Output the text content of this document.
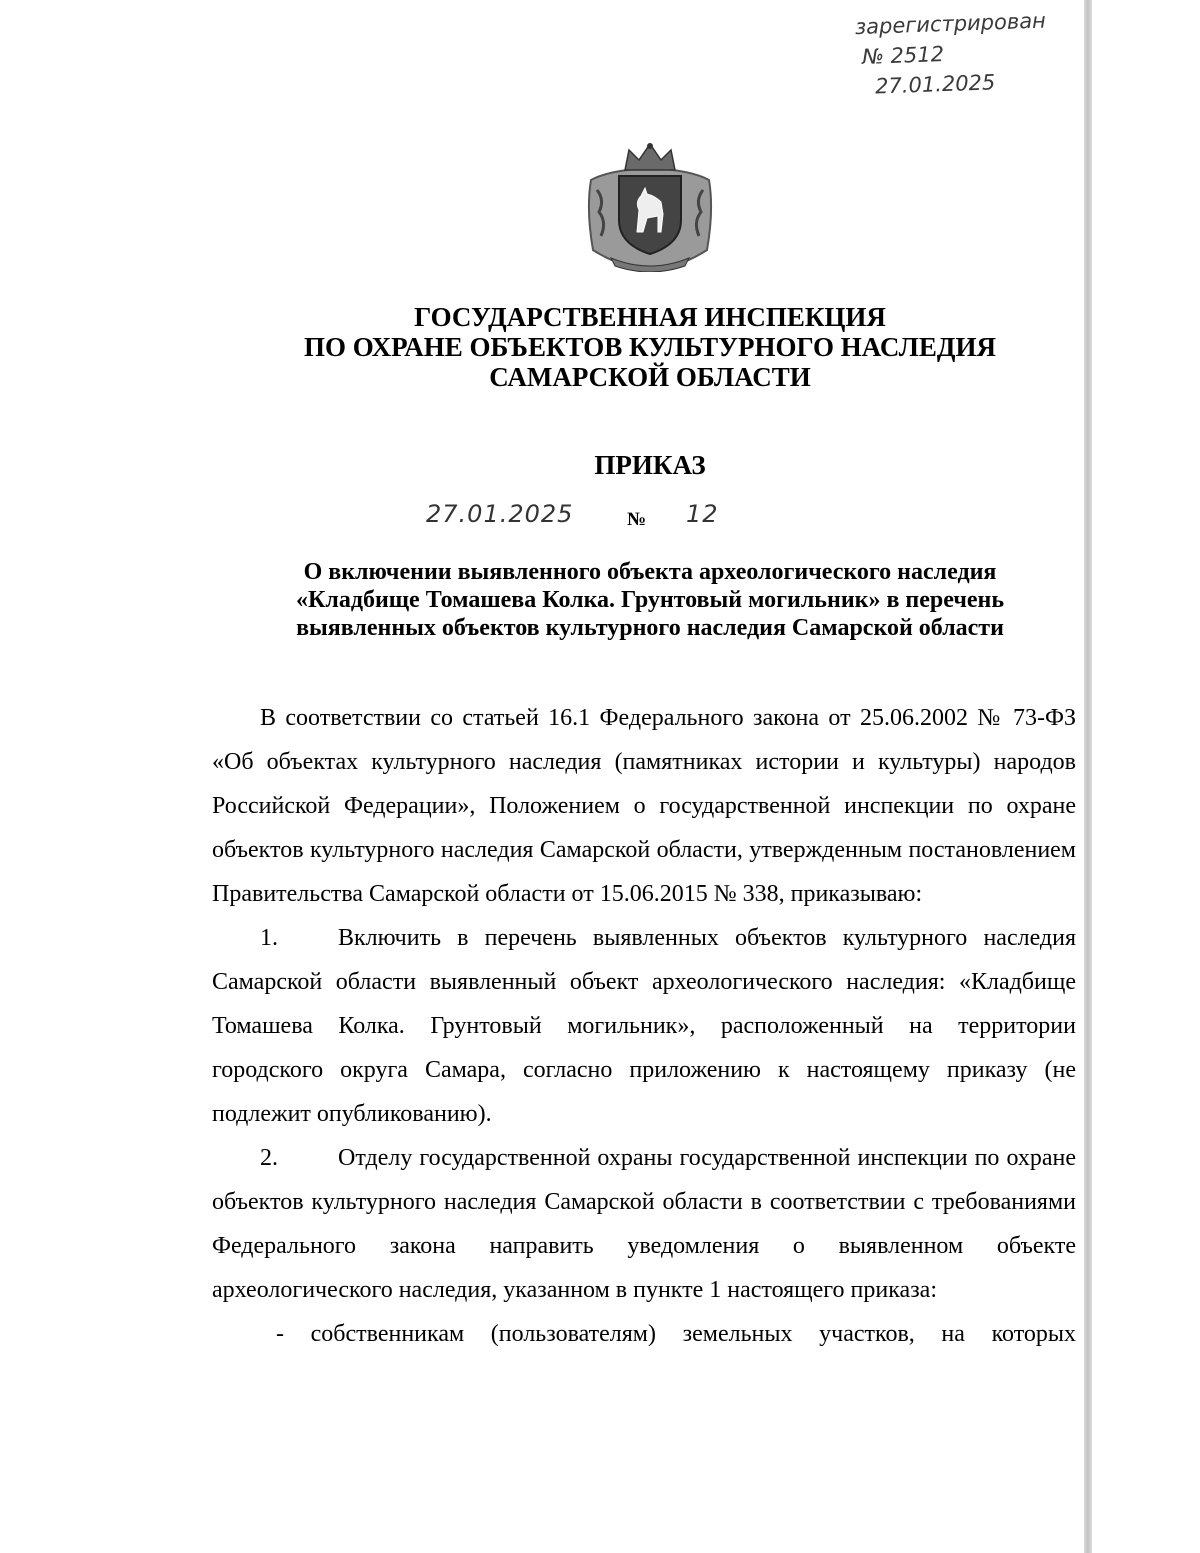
зарегистрирован
№ 2512
27.01.2025
ГОСУДАРСТВЕННАЯ ИНСПЕКЦИЯ
ПО ОХРАНЕ ОБЪЕКТОВ КУЛЬТУРНОГО НАСЛЕДИЯ
САМАРСКОЙ ОБЛАСТИ
ПРИКАЗ
27.01.2025	№ 12
О включении выявленного объекта археологического наследия
«Кладбище Томашева Колка. Грунтовый могильник» в перечень
выявленных объектов культурного наследия Самарской области

В соответствии со статьей 16.1 Федерального закона от 25.06.2002 № 73-ФЗ «Об объектах культурного наследия (памятниках истории и культуры) народов Российской Федерации», Положением о государственной инспекции по охране объектов культурного наследия Самарской области, утвержденным постановлением Правительства Самарской области от 15.06.2015 № 338, приказываю:

1.	Включить в перечень выявленных объектов культурного наследия Самарской области выявленный объект археологического наследия: «Кладбище Томашева Колка. Грунтовый могильник», расположенный на территории городского округа Самара, согласно приложению к настоящему приказу (не подлежит опубликованию).

2.	Отделу государственной охраны государственной инспекции по охране объектов культурного наследия Самарской области в соответствии с требованиями Федерального закона направить уведомления о выявленном объекте археологического наследия, указанном в пункте 1 настоящего приказа:

- собственникам (пользователям) земельных участков, на которых
